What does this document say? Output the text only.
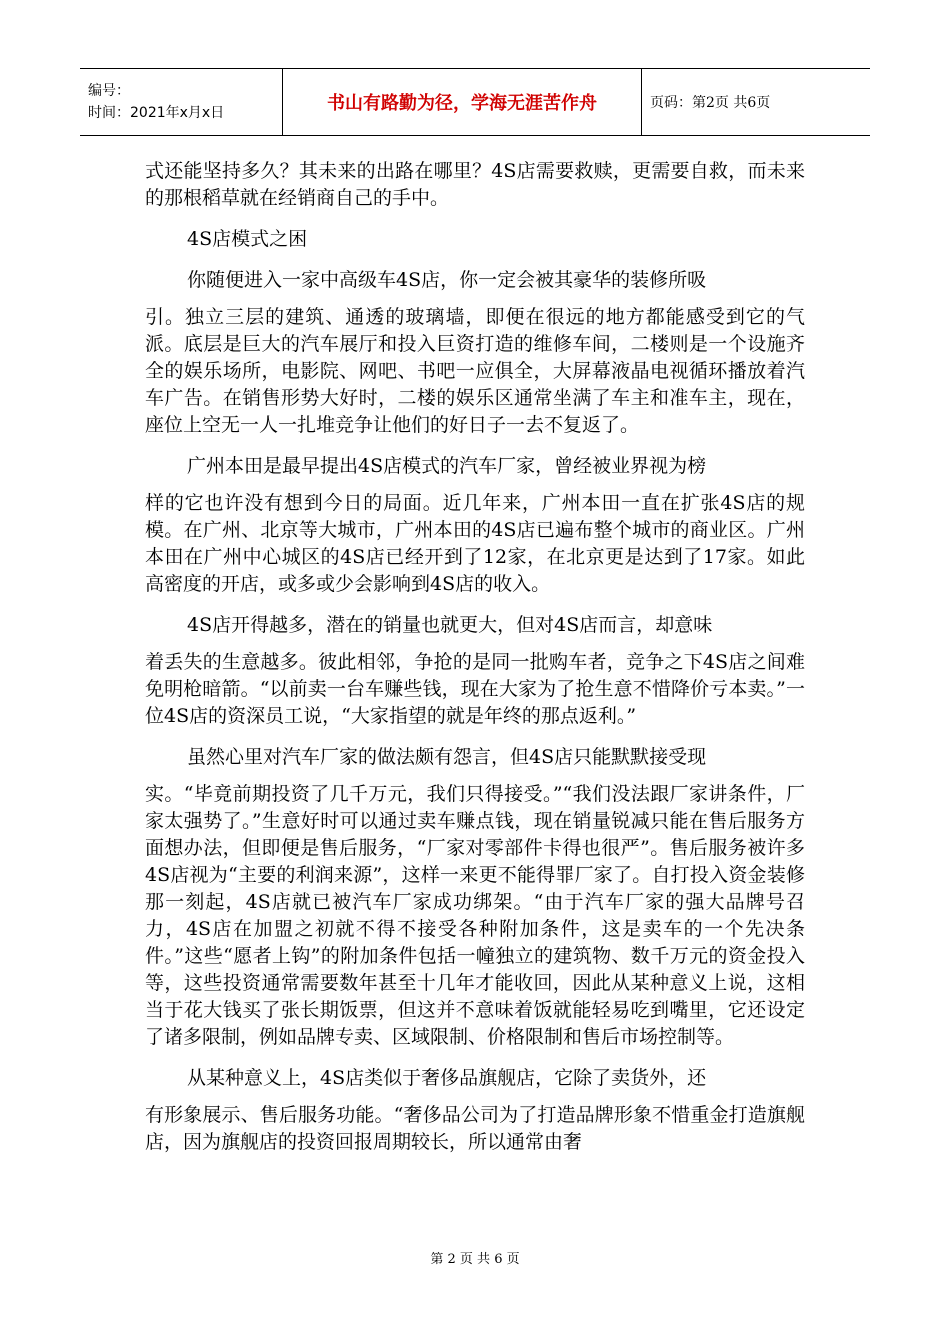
编号：
时间：2021年x月x日	书山有路勤为径，学海无涯苦作舟	页码：第2页 共6页

式还能坚持多久？其未来的出路在哪里？4S店需要救赎，更需要自救，而未来的那根稻草就在经销商自己的手中。

4S店模式之困

你随便进入一家中高级车4S店，你一定会被其豪华的装修所吸
引。独立三层的建筑、通透的玻璃墙，即便在很远的地方都能感受到它的气派。底层是巨大的汽车展厅和投入巨资打造的维修车间，二楼则是一个设施齐全的娱乐场所，电影院、网吧、书吧一应俱全，大屏幕液晶电视循环播放着汽车广告。在销售形势大好时，二楼的娱乐区通常坐满了车主和准车主，现在，座位上空无一人一扎堆竞争让他们的好日子一去不复返了。

广州本田是最早提出4S店模式的汽车厂家，曾经被业界视为榜
样的它也许没有想到今日的局面。近几年来，广州本田一直在扩张4S店的规模。在广州、北京等大城市，广州本田的4S店已遍布整个城市的商业区。广州本田在广州中心城区的4S店已经开到了12家，在北京更是达到了17家。如此高密度的开店，或多或少会影响到4S店的收入。

4S店开得越多，潜在的销量也就更大，但对4S店而言，却意味
着丢失的生意越多。彼此相邻，争抢的是同一批购车者，竞争之下4S店之间难免明枪暗箭。“以前卖一台车赚些钱，现在大家为了抢生意不惜降价亏本卖。”一位4S店的资深员工说，“大家指望的就是年终的那点返利。”

虽然心里对汽车厂家的做法颇有怨言，但4S店只能默默接受现
实。“毕竟前期投资了几千万元，我们只得接受。”“我们没法跟厂家讲条件，厂家太强势了。”生意好时可以通过卖车赚点钱，现在销量锐减只能在售后服务方面想办法，但即便是售后服务，“厂家对零部件卡得也很严”。售后服务被许多4S店视为“主要的利润来源”，这样一来更不能得罪厂家了。自打投入资金装修那一刻起，4S店就已被汽车厂家成功绑架。“由于汽车厂家的强大品牌号召力，4S店在加盟之初就不得不接受各种附加条件，这是卖车的一个先决条件。”这些“愿者上钩”的附加条件包括一幢独立的建筑物、数千万元的资金投入等，这些投资通常需要数年甚至十几年才能收回，因此从某种意义上说，这相当于花大钱买了张长期饭票，但这并不意味着饭就能轻易吃到嘴里，它还设定了诸多限制，例如品牌专卖、区域限制、价格限制和售后市场控制等。

从某种意义上，4S店类似于奢侈品旗舰店，它除了卖货外，还
有形象展示、售后服务功能。“奢侈品公司为了打造品牌形象不惜重金打造旗舰店，因为旗舰店的投资回报周期较长，所以通常由奢

第 2 页 共 6 页
